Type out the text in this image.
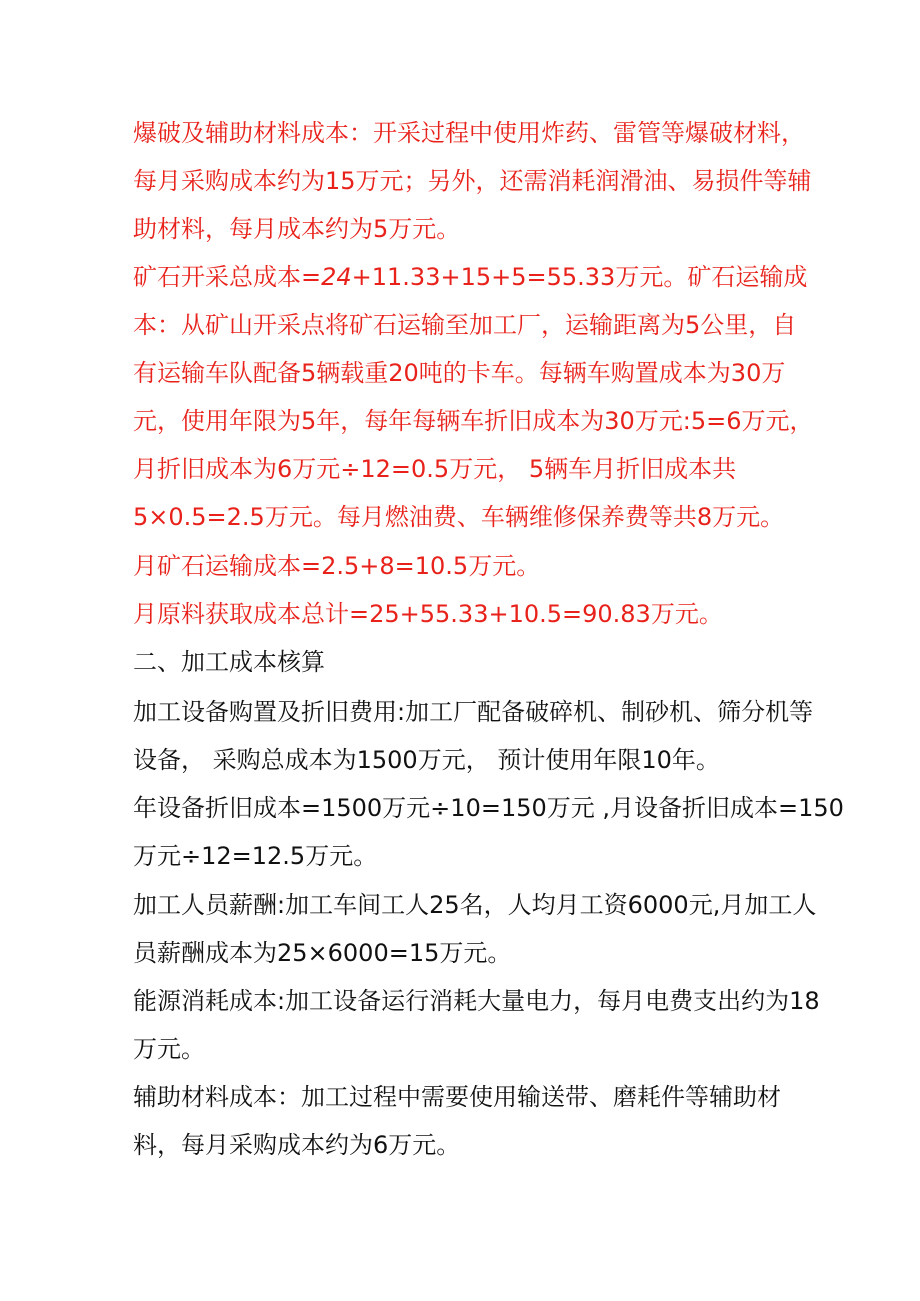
爆破及辅助材料成本：开采过程中使用炸药、雷管等爆破材料，
每月采购成本约为15万元；另外，还需消耗润滑油、易损件等辅
助材料，每月成本约为5万元。
矿石开采总成本=24+11.33+15+5=55.33万元。矿石运输成
本：从矿山开采点将矿石运输至加工厂，运输距离为5公里，自
有运输车队配备5辆载重20吨的卡车。每辆车购置成本为30万
元，使用年限为5年，每年每辆车折旧成本为30万元:5=6万元，
月折旧成本为6万元÷12=0.5万元， 5辆车月折旧成本共
5×0.5=2.5万元。每月燃油费、车辆维修保养费等共8万元。
月矿石运输成本=2.5+8=10.5万元。
月原料获取成本总计=25+55.33+10.5=90.83万元。
二、加工成本核算
加工设备购置及折旧费用:加工厂配备破碎机、制砂机、筛分机等
设备， 采购总成本为1500万元， 预计使用年限10年。
年设备折旧成本=1500万元÷10=150万元 ,月设备折旧成本=150
万元÷12=12.5万元。
加工人员薪酬:加工车间工人25名，人均月工资6000元,月加工人
员薪酬成本为25×6000=15万元。
能源消耗成本:加工设备运行消耗大量电力，每月电费支出约为18
万元。
辅助材料成本：加工过程中需要使用输送带、磨耗件等辅助材
料，每月采购成本约为6万元。
